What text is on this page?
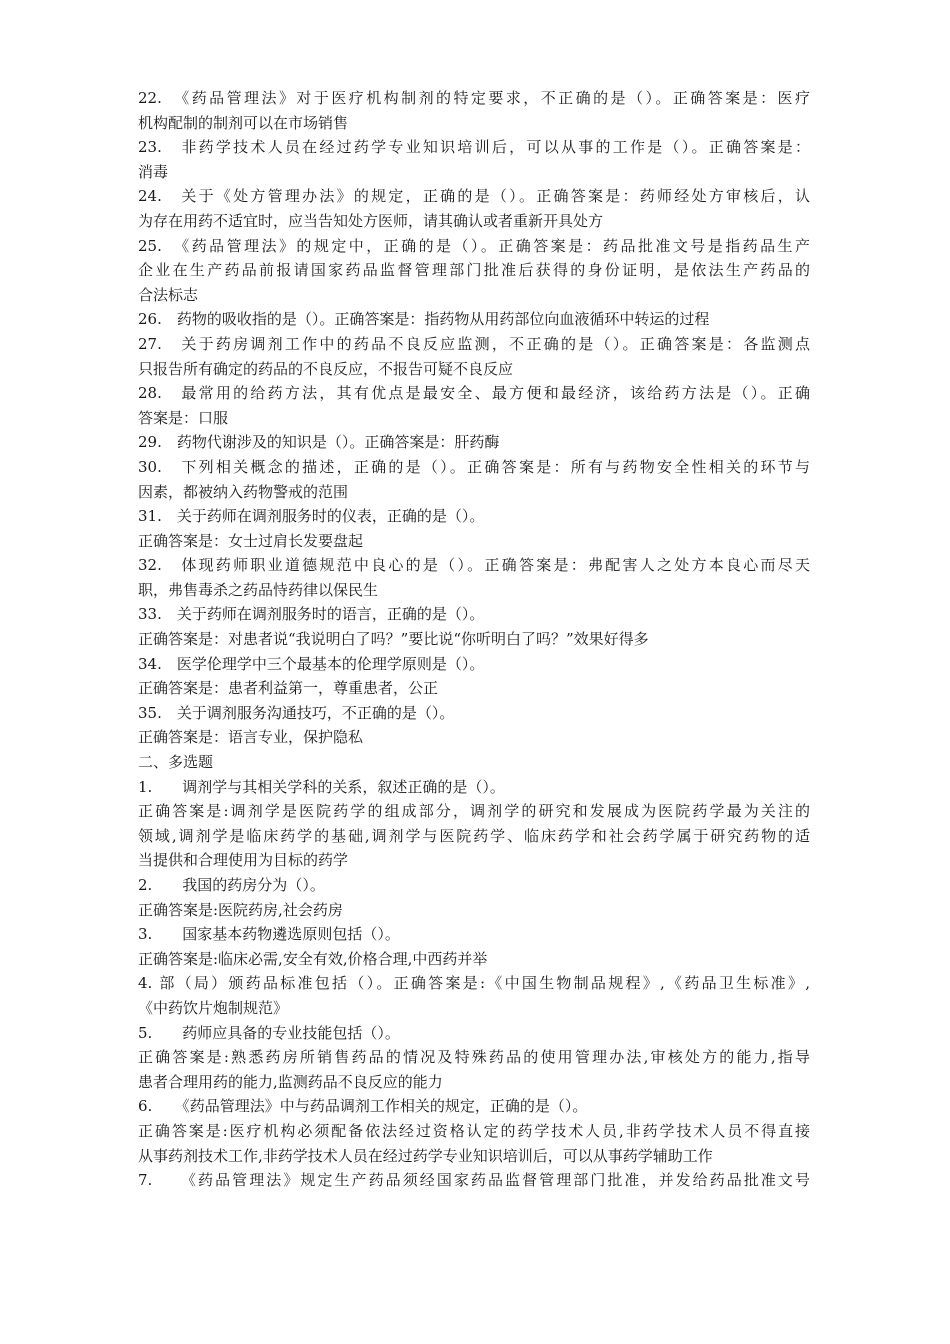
22.　《药品管理法》对于医疗机构制剂的特定要求，不正确的是（）。正确答案是：医疗
机构配制的制剂可以在市场销售
23.　非药学技术人员在经过药学专业知识培训后，可以从事的工作是（）。正确答案是：
消毒
24.　关于《处方管理办法》的规定，正确的是（）。正确答案是：药师经处方审核后，认
为存在用药不适宜时，应当告知处方医师，请其确认或者重新开具处方
25.　《药品管理法》的规定中，正确的是（）。正确答案是：药品批准文号是指药品生产
企业在生产药品前报请国家药品监督管理部门批准后获得的身份证明，是依法生产药品的
合法标志
26.　药物的吸收指的是（）。正确答案是：指药物从用药部位向血液循环中转运的过程
27.　关于药房调剂工作中的药品不良反应监测，不正确的是（）。正确答案是：各监测点
只报告所有确定的药品的不良反应，不报告可疑不良反应
28.　最常用的给药方法，其有优点是最安全、最方便和最经济，该给药方法是（）。正确
答案是：口服
29.　药物代谢涉及的知识是（）。正确答案是：肝药酶
30.　下列相关概念的描述，正确的是（）。正确答案是：所有与药物安全性相关的环节与
因素，都被纳入药物警戒的范围
31.　关于药师在调剂服务时的仪表，正确的是（）。
正确答案是：女士过肩长发要盘起
32.　体现药师职业道德规范中良心的是（）。正确答案是：弗配害人之处方本良心而尽天
职，弗售毒杀之药品恃药律以保民生
33.　关于药师在调剂服务时的语言，正确的是（）。
正确答案是：对患者说“我说明白了吗？”要比说“你听明白了吗？”效果好得多
34.　医学伦理学中三个最基本的伦理学原则是（）。
正确答案是：患者利益第一，尊重患者，公正
35.　关于调剂服务沟通技巧，不正确的是（）。
正确答案是：语言专业，保护隐私
二、多选题
1.　　调剂学与其相关学科的关系，叙述正确的是（）。
正确答案是:调剂学是医院药学的组成部分，调剂学的研究和发展成为医院药学最为关注的
领域,调剂学是临床药学的基础,调剂学与医院药学、临床药学和社会药学属于研究药物的适
当提供和合理使用为目标的药学
2.　　我国的药房分为（）。
正确答案是:医院药房,社会药房
3.　　国家基本药物遴选原则包括（）。
正确答案是:临床必需,安全有效,价格合理,中西药并举
4. 部（局）颁药品标准包括（）。正确答案是:《中国生物制品规程》,《药品卫生标准》,
《中药饮片炮制规范》
5.　　药师应具备的专业技能包括（）。
正确答案是:熟悉药房所销售药品的情况及特殊药品的使用管理办法,审核处方的能力,指导
患者合理用药的能力,监测药品不良反应的能力
6.　　《药品管理法》中与药品调剂工作相关的规定，正确的是（）。
正确答案是:医疗机构必须配备依法经过资格认定的药学技术人员,非药学技术人员不得直接
从事药剂技术工作,非药学技术人员在经过药学专业知识培训后，可以从事药学辅助工作
7.　　《药品管理法》规定生产药品须经国家药品监督管理部门批准，并发给药品批准文号
